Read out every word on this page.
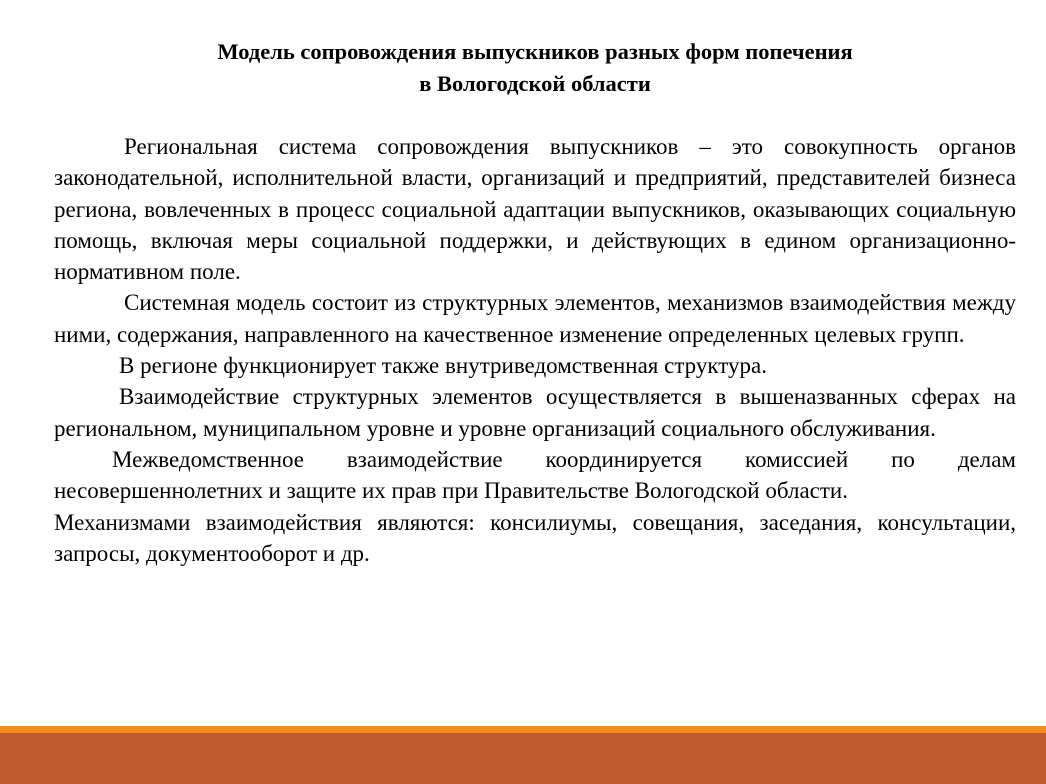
Модель сопровождения выпускников разных форм попечения
в Вологодской области

Региональная система сопровождения выпускников – это совокупность органов законодательной, исполнительной власти, организаций и предприятий, представителей бизнеса региона, вовлеченных в процесс социальной адаптации выпускников, оказывающих социальную помощь, включая меры социальной поддержки, и действующих в едином организационно-нормативном поле.

Системная модель состоит из структурных элементов, механизмов взаимодействия между ними, содержания, направленного на качественное изменение определенных целевых групп.

В регионе функционирует также внутриведомственная структура.

Взаимодействие структурных элементов осуществляется в вышеназванных сферах на региональном, муниципальном уровне и уровне организаций социального обслуживания.

Межведомственное взаимодействие координируется комиссией по делам несовершеннолетних и защите их прав при Правительстве Вологодской области.

Механизмами взаимодействия являются: консилиумы, совещания, заседания, консультации, запросы, документооборот и др.
